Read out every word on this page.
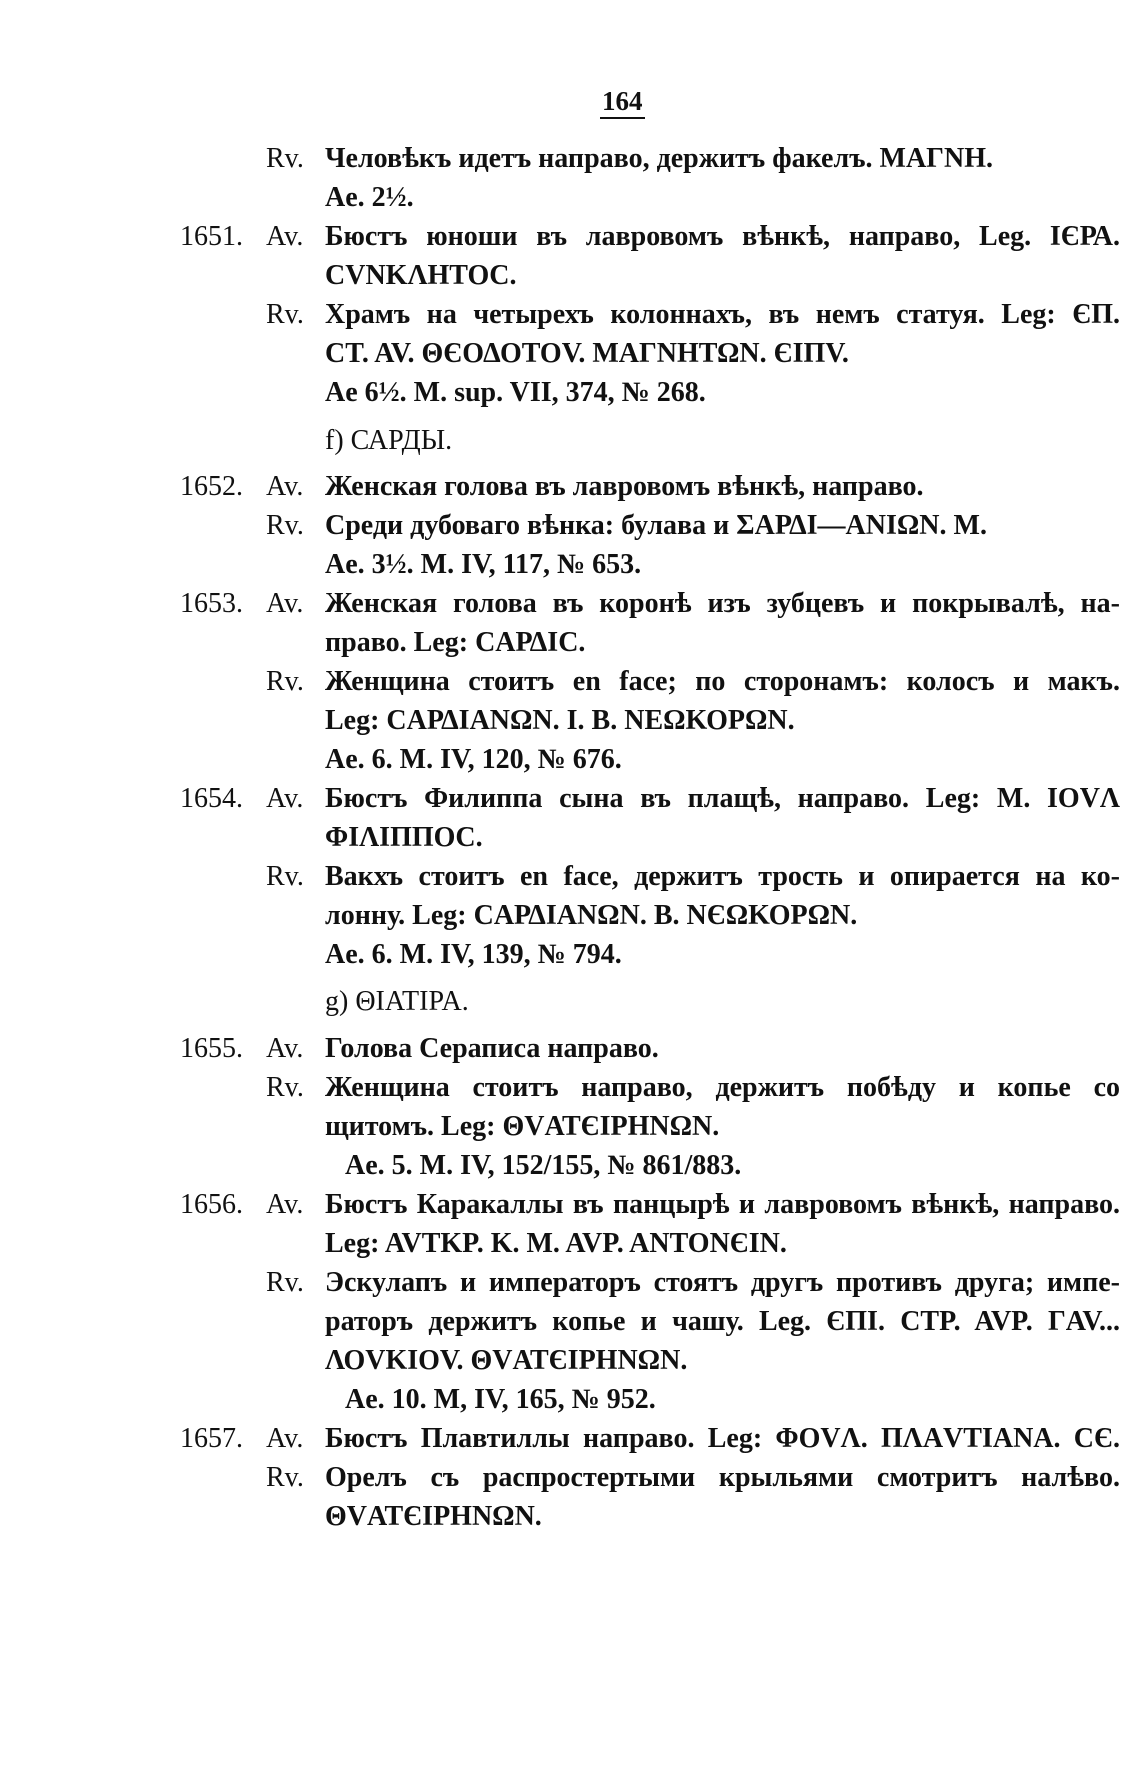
164
Rv. Человѣкъ идетъ направо, держитъ факелъ. ΜΑΓΝΗ.
Ae. 2½.
1651. Av. Бюстъ юноши въ лавровомъ вѣнкѣ, направо, Leg. ΙЄΡΑ.
CVNKΛΗΤΟC.
Rv. Храмъ на четырехъ колоннахъ, въ немъ статуя. Leg: ЄΠ.
CT. AV. ΘЄΟΔΟΤΟV. ΜΑΓΝΗΤΩΝ. ЄΙΠV.
Ae 6½. M. sup. VII, 374, № 268.
f) САРДЫ.
1652. Av. Женская голова въ лавровомъ вѣнкѣ, направо.
Rv. Среди дубоваго вѣнка: булава и ΣΑΡΔΙ—ΑΝΙΩΝ. M.
Ae. 3½. M. IV, 117, № 653.
1653. Av. Женская голова въ коронѣ изъ зубцевъ и покрывалѣ, на-
право. Leg: CΑΡΔΙC.
Rv. Женщина стоитъ en face; по сторонамъ: колосъ и макъ.
Leg: CΑΡΔΙΑΝΩΝ. I. B. NEΩΚΟΡΩΝ.
Ae. 6. M. IV, 120, № 676.
1654. Av. Бюстъ Филиппа сына въ плащѣ, направо. Leg: M. IOVΛ
ΦΙΛΙΠΠΟC.
Rv. Вакхъ стоитъ en face, держитъ трость и опирается на ко-
лонну. Leg: CΑΡΔΙΑΝΩΝ. B. NЄΩΚΟΡΩΝ.
Ae. 6. M. IV, 139, № 794.
g) ΘΙΑΤΙΡΑ.
1655. Av. Голова Сераписа направо.
Rv. Женщина стоитъ направо, держитъ побѣду и копье со
щитомъ. Leg: ΘVΑΤЄΙΡΗΝΩΝ.
Ae. 5. M. IV, 152/155, № 861/883.
1656. Av. Бюстъ Каракаллы въ панцырѣ и лавровомъ вѣнкѣ, направо.
Leg: AVTKP. K. M. AVP. ANTONЄIN.
Rv. Эскулапъ и императоръ стоятъ другъ противъ друга; импе-
раторъ держитъ копье и чашу. Leg. ЄΠΙ. CTP. AVP. ΓAV...
ΛΟVΚΙΟV. ΘVΑΤЄΙΡΗΝΩΝ.
Ae. 10. M, IV, 165, № 952.
1657. Av. Бюстъ Плавтиллы направо. Leg: ΦΟVΛ. ΠΛΑVΤΙΑΝΑ. CЄ.
Rv. Орелъ съ распростертыми крыльями смотритъ налѣво.
ΘVΑΤЄΙΡΗΝΩΝ.
